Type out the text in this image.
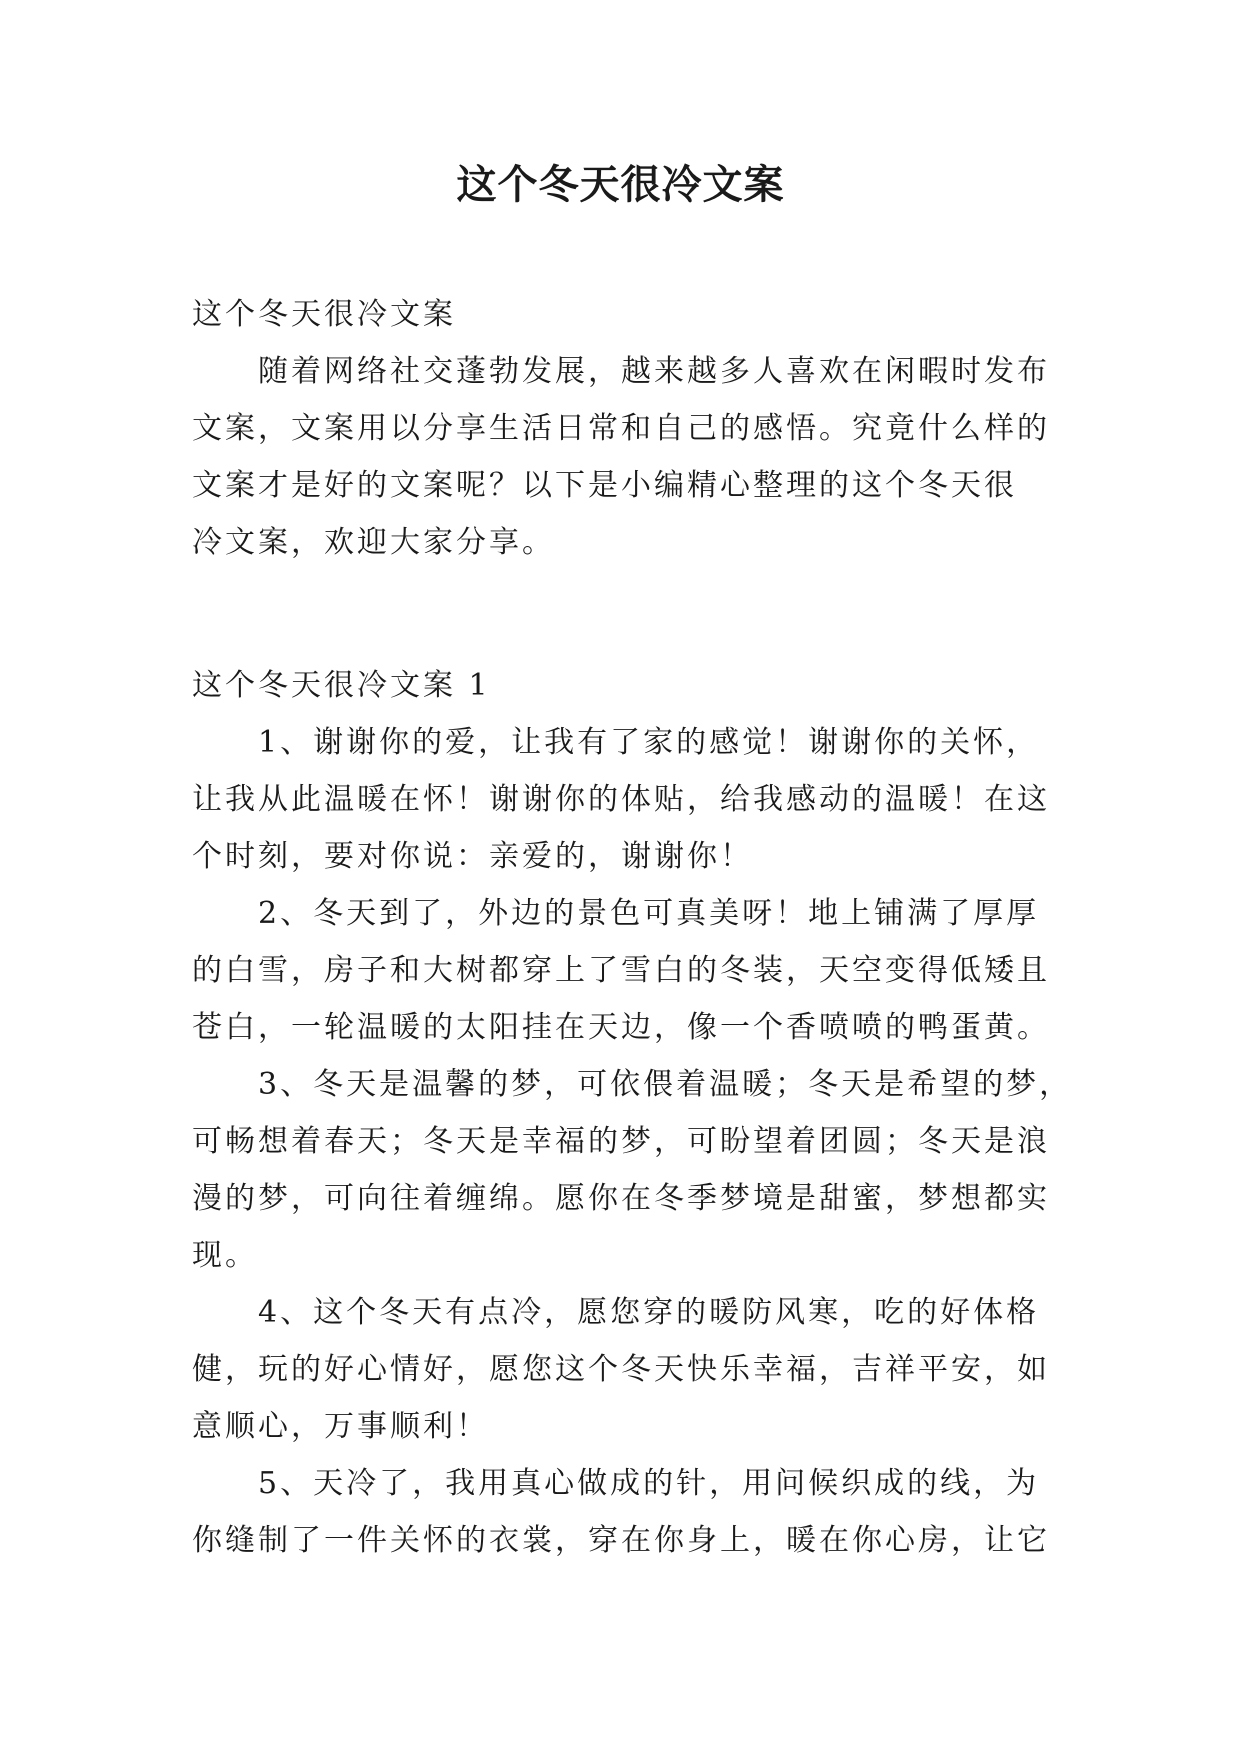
这个冬天很冷文案

这个冬天很冷文案

随着网络社交蓬勃发展，越来越多人喜欢在闲暇时发布

文案，文案用以分享生活日常和自己的感悟。究竟什么样的

文案才是好的文案呢？以下是小编精心整理的这个冬天很

冷文案，欢迎大家分享。

这个冬天很冷文案 1

1、谢谢你的爱，让我有了家的感觉！谢谢你的关怀，

让我从此温暖在怀！谢谢你的体贴，给我感动的温暖！在这

个时刻，要对你说：亲爱的，谢谢你！

2、冬天到了，外边的景色可真美呀！地上铺满了厚厚

的白雪，房子和大树都穿上了雪白的冬装，天空变得低矮且

苍白，一轮温暖的太阳挂在天边，像一个香喷喷的鸭蛋黄。

3、冬天是温馨的梦，可依偎着温暖；冬天是希望的梦，

可畅想着春天；冬天是幸福的梦，可盼望着团圆；冬天是浪

漫的梦，可向往着缠绵。愿你在冬季梦境是甜蜜，梦想都实

现。

4、这个冬天有点冷，愿您穿的暖防风寒，吃的好体格

健，玩的好心情好，愿您这个冬天快乐幸福，吉祥平安，如

意顺心，万事顺利！

5、天冷了，我用真心做成的针，用问候织成的线，为

你缝制了一件关怀的衣裳，穿在你身上，暖在你心房，让它
